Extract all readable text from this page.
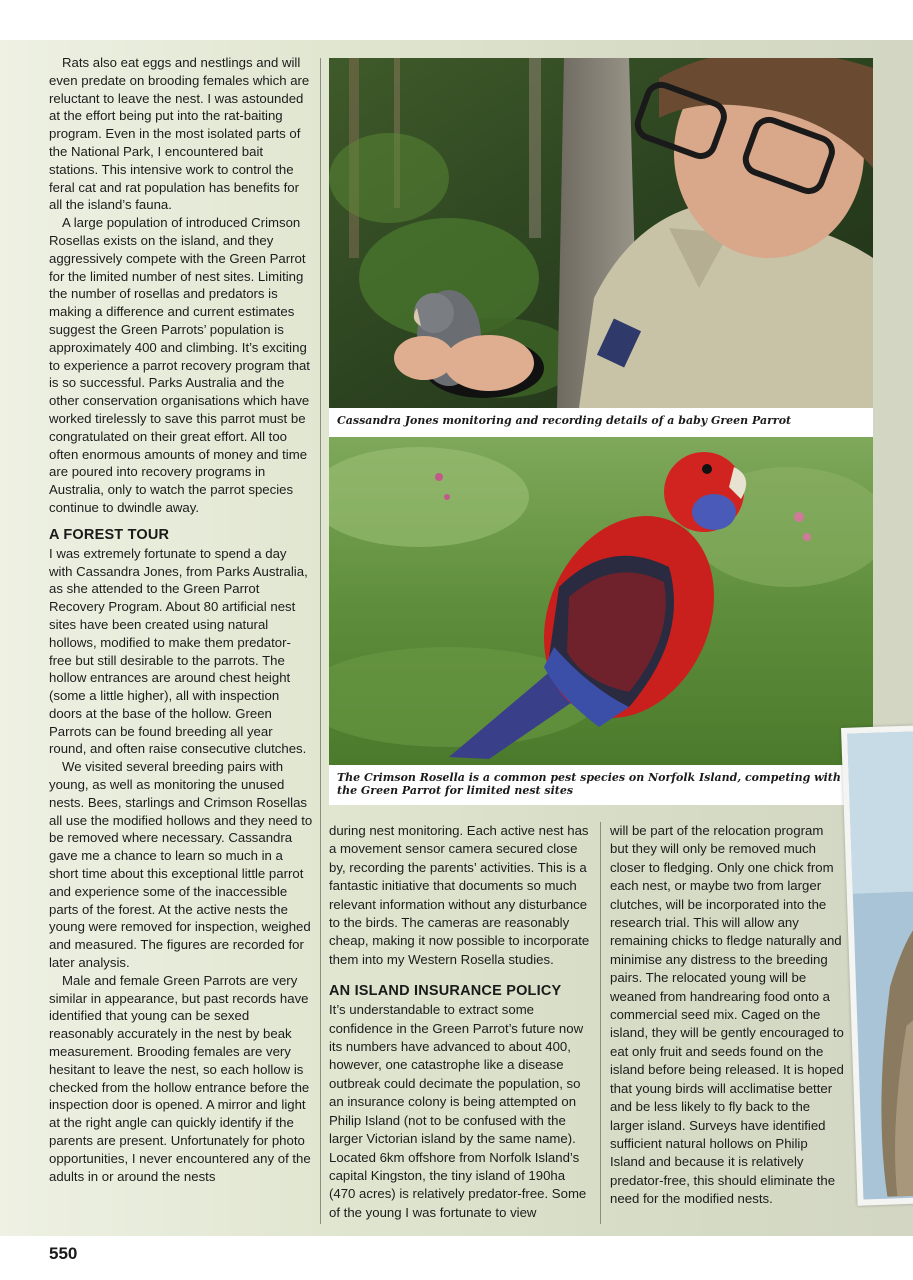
Rats also eat eggs and nestlings and will even predate on brooding females which are reluctant to leave the nest. I was astounded at the effort being put into the rat-baiting program. Even in the most isolated parts of the National Park, I encountered bait stations. This intensive work to control the feral cat and rat population has benefits for all the island’s fauna.

A large population of introduced Crimson Rosellas exists on the island, and they aggressively compete with the Green Parrot for the limited number of nest sites. Limiting the number of rosellas and predators is making a difference and current estimates suggest the Green Parrots’ population is approximately 400 and climbing. It’s exciting to experience a parrot recovery program that is so successful. Parks Australia and the other conservation organisations which have worked tirelessly to save this parrot must be congratulated on their great effort. All too often enormous amounts of money and time are poured into recovery programs in Australia, only to watch the parrot species continue to dwindle away.

A FOREST TOUR

I was extremely fortunate to spend a day with Cassandra Jones, from Parks Australia, as she attended to the Green Parrot Recovery Program. About 80 artificial nest sites have been created using natural hollows, modified to make them predator-free but still desirable to the parrots. The hollow entrances are around chest height (some a little higher), all with inspection doors at the base of the hollow. Green Parrots can be found breeding all year round, and often raise consecutive clutches.

We visited several breeding pairs with young, as well as monitoring the unused nests. Bees, starlings and Crimson Rosellas all use the modified hollows and they need to be removed where necessary. Cassandra gave me a chance to learn so much in a short time about this exceptional little parrot and experience some of the inaccessible parts of the forest. At the active nests the young were removed for inspection, weighed and measured. The figures are recorded for later analysis.

Male and female Green Parrots are very similar in appearance, but past records have identified that young can be sexed reasonably accurately in the nest by beak measurement. Brooding females are very hesitant to leave the nest, so each hollow is checked from the hollow entrance before the inspection door is opened. A mirror and light at the right angle can quickly identify if the parents are present. Unfortunately for photo opportunities, I never encountered any of the adults in or around the nests

Cassandra Jones monitoring and recording details of a baby Green Parrot
The Crimson Rosella is a common pest species on Norfolk Island, competing with the Green Parrot for limited nest sites

during nest monitoring. Each active nest has a movement sensor camera secured close by, recording the parents’ activities. This is a fantastic initiative that documents so much relevant information without any disturbance to the birds. The cameras are reasonably cheap, making it now possible to incorporate them into my Western Rosella studies.

AN ISLAND INSURANCE POLICY

It’s understandable to extract some confidence in the Green Parrot’s future now its numbers have advanced to about 400, however, one catastrophe like a disease outbreak could decimate the population, so an insurance colony is being attempted on Philip Island (not to be confused with the larger Victorian island by the same name). Located 6km offshore from Norfolk Island’s capital Kingston, the tiny island of 190ha (470 acres) is relatively predator-free. Some of the young I was fortunate to view

will be part of the relocation program but they will only be removed much closer to fledging. Only one chick from each nest, or maybe two from larger clutches, will be incorporated into the research trial. This will allow any remaining chicks to fledge naturally and minimise any distress to the breeding pairs. The relocated young will be weaned from handrearing food onto a commercial seed mix. Caged on the island, they will be gently encouraged to eat only fruit and seeds found on the island before being released. It is hoped that young birds will acclimatise better and be less likely to fly back to the larger island. Surveys have identified sufficient natural hollows on Philip Island and because it is relatively predator-free, this should eliminate the need for the modified nests.

550
